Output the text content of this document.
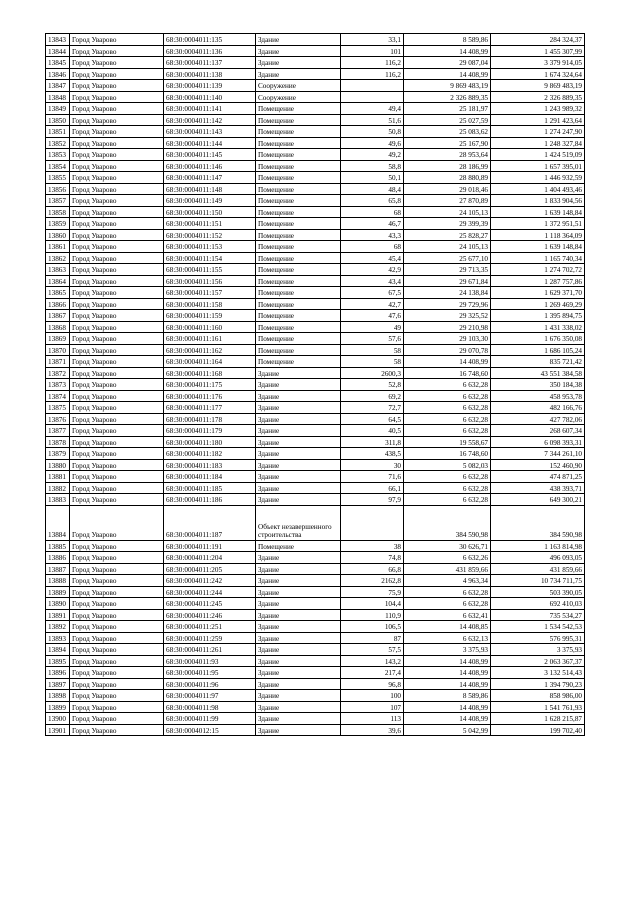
13843	Город Уварово	68:30:0004011:135	Здание	33,1	8 589,86	284 324,37
13844	Город Уварово	68:30:0004011:136	Здание	101	14 408,99	1 455 307,99
13845	Город Уварово	68:30:0004011:137	Здание	116,2	29 087,04	3 379 914,05
13846	Город Уварово	68:30:0004011:138	Здание	116,2	14 408,99	1 674 324,64
13847	Город Уварово	68:30:0004011:139	Сооружение		9 869 483,19	9 869 483,19
13848	Город Уварово	68:30:0004011:140	Сооружение		2 326 889,35	2 326 889,35
13849	Город Уварово	68:30:0004011:141	Помещение	49,4	25 181,97	1 243 989,32
13850	Город Уварово	68:30:0004011:142	Помещение	51,6	25 027,59	1 291 423,64
13851	Город Уварово	68:30:0004011:143	Помещение	50,8	25 083,62	1 274 247,90
13852	Город Уварово	68:30:0004011:144	Помещение	49,6	25 167,90	1 248 327,84
13853	Город Уварово	68:30:0004011:145	Помещение	49,2	28 953,64	1 424 519,09
13854	Город Уварово	68:30:0004011:146	Помещение	58,8	28 186,99	1 657 395,01
13855	Город Уварово	68:30:0004011:147	Помещение	50,1	28 880,89	1 446 932,59
13856	Город Уварово	68:30:0004011:148	Помещение	48,4	29 018,46	1 404 493,46
13857	Город Уварово	68:30:0004011:149	Помещение	65,8	27 870,89	1 833 904,56
13858	Город Уварово	68:30:0004011:150	Помещение	68	24 105,13	1 639 148,84
13859	Город Уварово	68:30:0004011:151	Помещение	46,7	29 399,39	1 372 951,51
13860	Город Уварово	68:30:0004011:152	Помещение	43,3	25 828,27	1 118 364,09
13861	Город Уварово	68:30:0004011:153	Помещение	68	24 105,13	1 639 148,84
13862	Город Уварово	68:30:0004011:154	Помещение	45,4	25 677,10	1 165 740,34
13863	Город Уварово	68:30:0004011:155	Помещение	42,9	29 713,35	1 274 702,72
13864	Город Уварово	68:30:0004011:156	Помещение	43,4	29 671,84	1 287 757,86
13865	Город Уварово	68:30:0004011:157	Помещение	67,5	24 138,84	1 629 371,70
13866	Город Уварово	68:30:0004011:158	Помещение	42,7	29 729,96	1 269 469,29
13867	Город Уварово	68:30:0004011:159	Помещение	47,6	29 325,52	1 395 894,75
13868	Город Уварово	68:30:0004011:160	Помещение	49	29 210,98	1 431 338,02
13869	Город Уварово	68:30:0004011:161	Помещение	57,6	29 103,30	1 676 350,08
13870	Город Уварово	68:30:0004011:162	Помещение	58	29 070,78	1 686 105,24
13871	Город Уварово	68:30:0004011:164	Помещение	58	14 408,99	835 721,42
13872	Город Уварово	68:30:0004011:168	Здание	2600,3	16 748,60	43 551 384,58
13873	Город Уварово	68:30:0004011:175	Здание	52,8	6 632,28	350 184,38
13874	Город Уварово	68:30:0004011:176	Здание	69,2	6 632,28	458 953,78
13875	Город Уварово	68:30:0004011:177	Здание	72,7	6 632,28	482 166,76
13876	Город Уварово	68:30:0004011:178	Здание	64,5	6 632,28	427 782,06
13877	Город Уварово	68:30:0004011:179	Здание	40,5	6 632,28	268 607,34
13878	Город Уварово	68:30:0004011:180	Здание	311,8	19 558,67	6 098 393,31
13879	Город Уварово	68:30:0004011:182	Здание	438,5	16 748,60	7 344 261,10
13880	Город Уварово	68:30:0004011:183	Здание	30	5 082,03	152 460,90
13881	Город Уварово	68:30:0004011:184	Здание	71,6	6 632,28	474 871,25
13882	Город Уварово	68:30:0004011:185	Здание	66,1	6 632,28	438 393,71
13883	Город Уварово	68:30:0004011:186	Здание	97,9	6 632,28	649 300,21
13884	Город Уварово	68:30:0004011:187	Объект незавершенного строительства		384 590,98	384 590,98
13885	Город Уварово	68:30:0004011:191	Помещение	38	30 626,71	1 163 814,98
13886	Город Уварово	68:30:0004011:204	Здание	74,8	6 632,26	496 093,05
13887	Город Уварово	68:30:0004011:205	Здание	66,8	431 859,66	431 859,66
13888	Город Уварово	68:30:0004011:242	Здание	2162,8	4 963,34	10 734 711,75
13889	Город Уварово	68:30:0004011:244	Здание	75,9	6 632,28	503 390,05
13890	Город Уварово	68:30:0004011:245	Здание	104,4	6 632,28	692 410,03
13891	Город Уварово	68:30:0004011:246	Здание	110,9	6 632,41	735 534,27
13892	Город Уварово	68:30:0004011:251	Здание	106,5	14 408,85	1 534 542,53
13893	Город Уварово	68:30:0004011:259	Здание	87	6 632,13	576 995,31
13894	Город Уварово	68:30:0004011:261	Здание	57,5	3 375,93	3 375,93
13895	Город Уварово	68:30:0004011:93	Здание	143,2	14 408,99	2 063 367,37
13896	Город Уварово	68:30:0004011:95	Здание	217,4	14 408,99	3 132 514,43
13897	Город Уварово	68:30:0004011:96	Здание	96,8	14 408,99	1 394 790,23
13898	Город Уварово	68:30:0004011:97	Здание	100	8 589,86	858 986,00
13899	Город Уварово	68:30:0004011:98	Здание	107	14 408,99	1 541 761,93
13900	Город Уварово	68:30:0004011:99	Здание	113	14 408,99	1 628 215,87
13901	Город Уварово	68:30:0004012:15	Здание	39,6	5 042,99	199 702,40
